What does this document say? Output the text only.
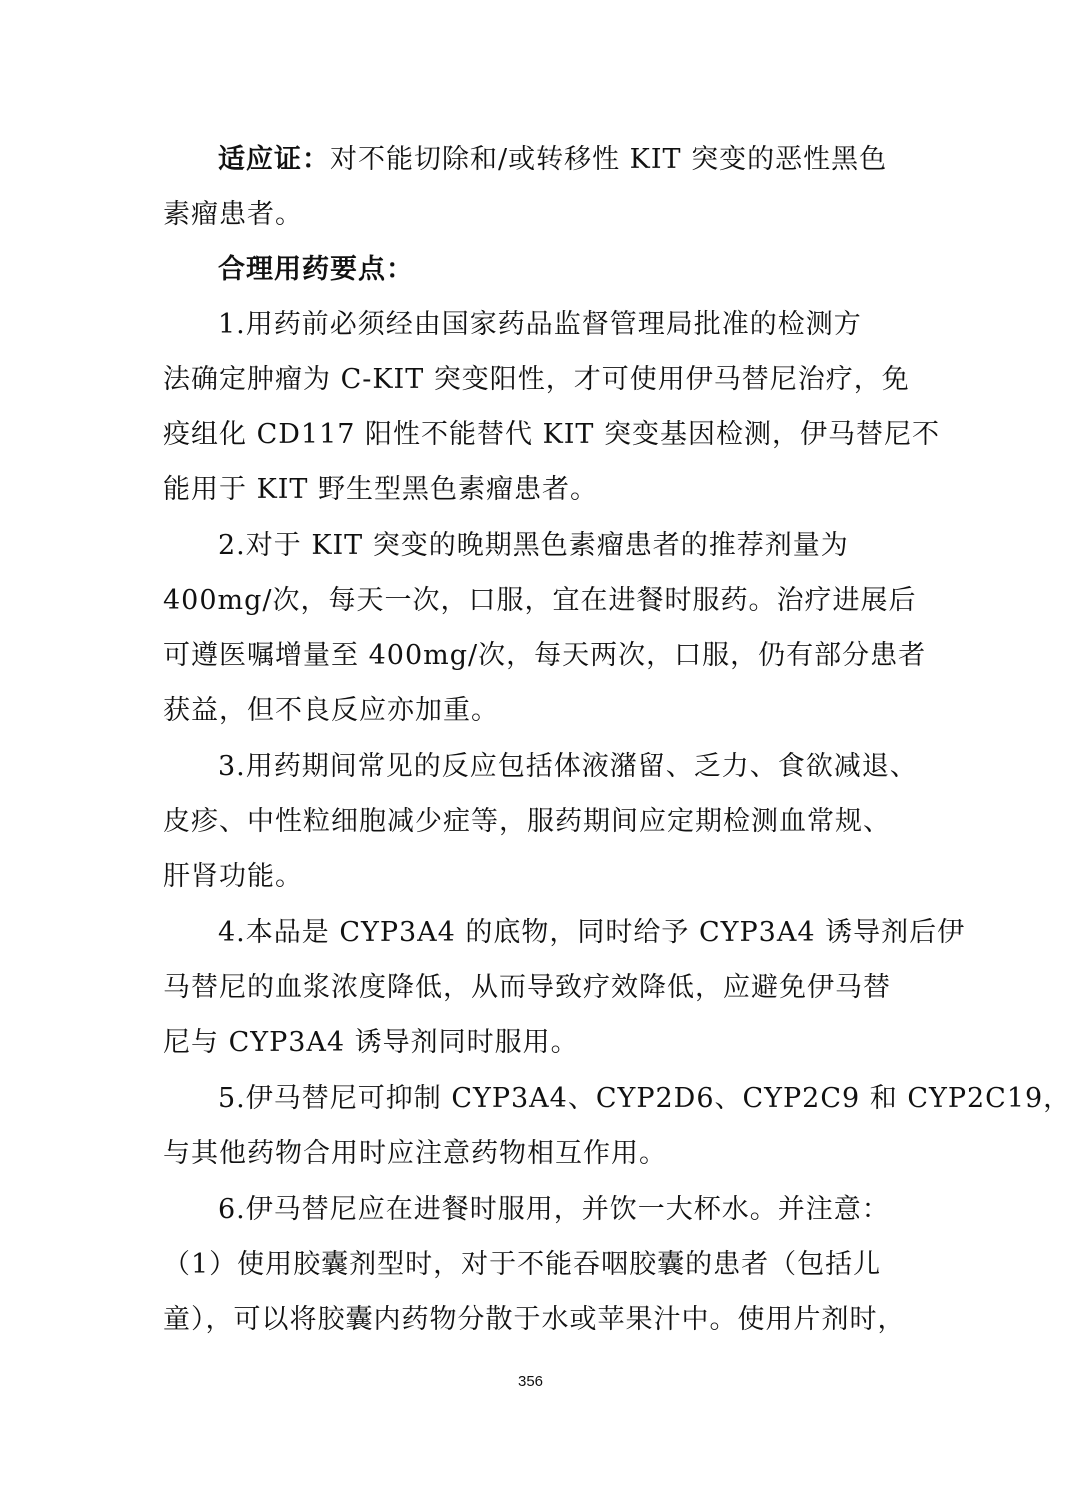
适应证：对不能切除和/或转移性 KIT 突变的恶性黑色
素瘤患者。
合理用药要点：
1.用药前必须经由国家药品监督管理局批准的检测方
法确定肿瘤为 C-KIT 突变阳性，才可使用伊马替尼治疗，免
疫组化 CD117 阳性不能替代 KIT 突变基因检测，伊马替尼不
能用于 KIT 野生型黑色素瘤患者。
2.对于 KIT 突变的晚期黑色素瘤患者的推荐剂量为
400mg/次，每天一次，口服，宜在进餐时服药。治疗进展后
可遵医嘱增量至 400mg/次，每天两次，口服，仍有部分患者
获益，但不良反应亦加重。
3.用药期间常见的反应包括体液潴留、乏力、食欲减退、
皮疹、中性粒细胞减少症等，服药期间应定期检测血常规、
肝肾功能。
4.本品是 CYP3A4 的底物，同时给予 CYP3A4 诱导剂后伊
马替尼的血浆浓度降低，从而导致疗效降低，应避免伊马替
尼与 CYP3A4 诱导剂同时服用。
5.伊马替尼可抑制 CYP3A4、CYP2D6、CYP2C9 和 CYP2C19，
与其他药物合用时应注意药物相互作用。
6.伊马替尼应在进餐时服用，并饮一大杯水。并注意：
（1）使用胶囊剂型时，对于不能吞咽胶囊的患者（包括儿
童），可以将胶囊内药物分散于水或苹果汁中。使用片剂时，
356
